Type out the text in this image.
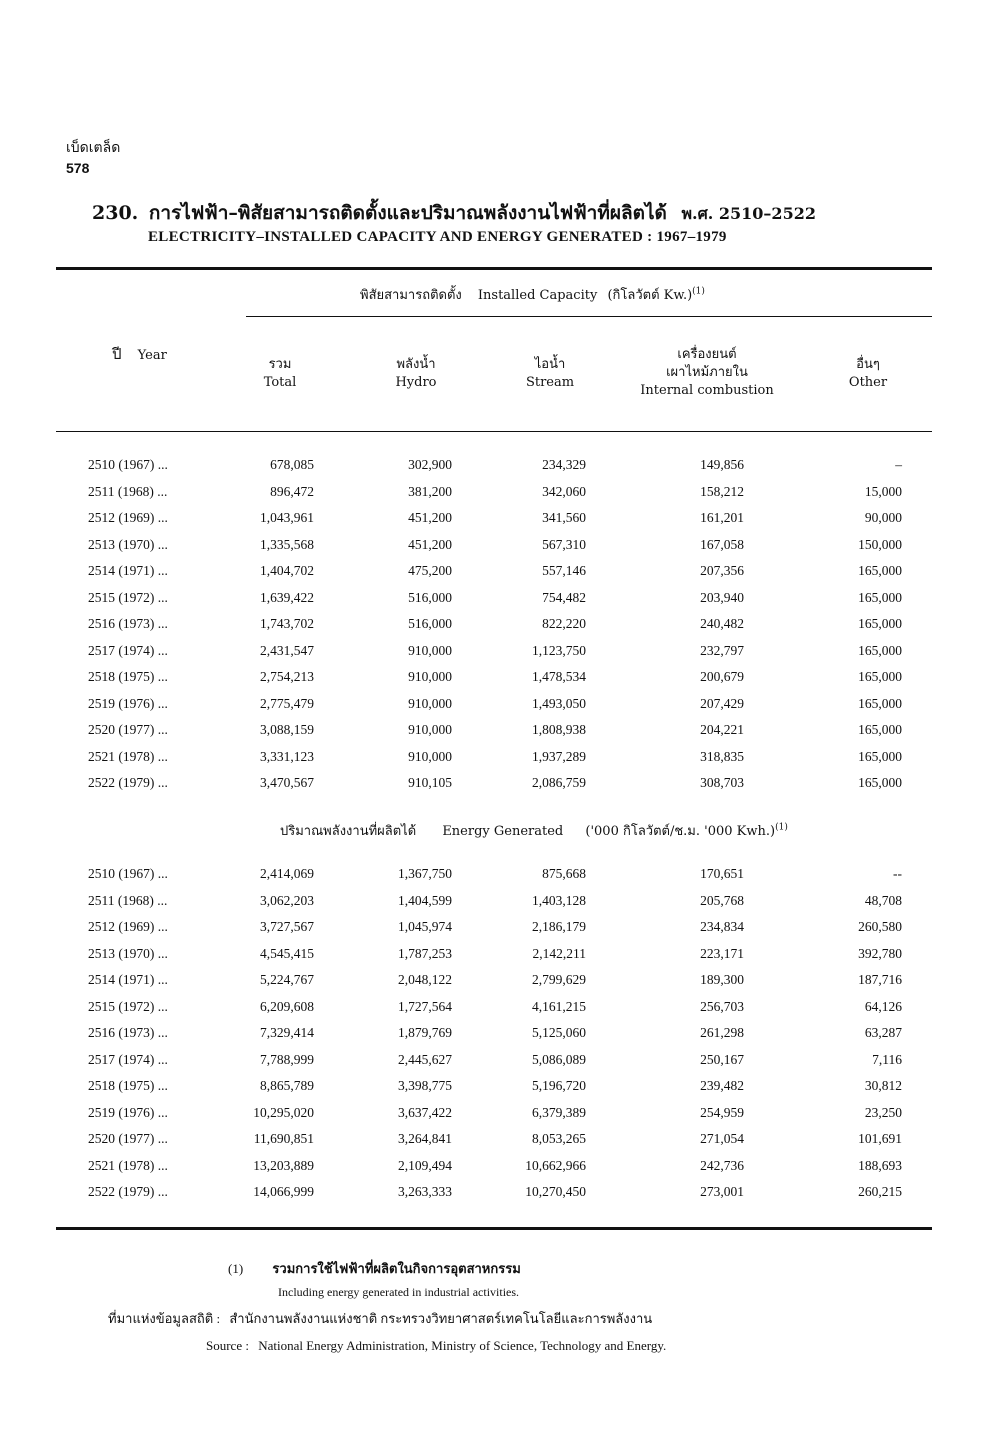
เบ็ดเตล็ด
578
230. การไฟฟ้า–พิสัยสามารถติดตั้งและปริมาณพลังงานไฟฟ้าที่ผลิตได้ พ.ศ. 2510–2522
ELECTRICITY–INSTALLED CAPACITY AND ENERGY GENERATED : 1967–1979
พิสัยสามารถติดตั้ง Installed Capacity (กิโลวัตต์ Kw.)$^{(1)}$
ปี Year
รวม
Total
พลังน้ำ
Hydro
ไอน้ำ
Stream
เครื่องยนต์
เผาไหม้ภายใน
Internal combustion
อื่นๆ
Other
2510 (1967) ...	678,085	302,900	234,329	149,856	–
2511 (1968) ...	896,472	381,200	342,060	158,212	15,000
2512 (1969) ...	1,043,961	451,200	341,560	161,201	90,000
2513 (1970) ...	1,335,568	451,200	567,310	167,058	150,000
2514 (1971) ...	1,404,702	475,200	557,146	207,356	165,000
2515 (1972) ...	1,639,422	516,000	754,482	203,940	165,000
2516 (1973) ...	1,743,702	516,000	822,220	240,482	165,000
2517 (1974) ...	2,431,547	910,000	1,123,750	232,797	165,000
2518 (1975) ...	2,754,213	910,000	1,478,534	200,679	165,000
2519 (1976) ...	2,775,479	910,000	1,493,050	207,429	165,000
2520 (1977) ...	3,088,159	910,000	1,808,938	204,221	165,000
2521 (1978) ...	3,331,123	910,000	1,937,289	318,835	165,000
2522 (1979) ...	3,470,567	910,105	2,086,759	308,703	165,000
ปริมาณพลังงานที่ผลิตได้ Energy Generated ('000 กิโลวัตต์/ช.ม. '000 Kwh.)$^{(1)}$
2510 (1967) ...	2,414,069	1,367,750	875,668	170,651	--
2511 (1968) ...	3,062,203	1,404,599	1,403,128	205,768	48,708
2512 (1969) ...	3,727,567	1,045,974	2,186,179	234,834	260,580
2513 (1970) ...	4,545,415	1,787,253	2,142,211	223,171	392,780
2514 (1971) ...	5,224,767	2,048,122	2,799,629	189,300	187,716
2515 (1972) ...	6,209,608	1,727,564	4,161,215	256,703	64,126
2516 (1973) ...	7,329,414	1,879,769	5,125,060	261,298	63,287
2517 (1974) ...	7,788,999	2,445,627	5,086,089	250,167	7,116
2518 (1975) ...	8,865,789	3,398,775	5,196,720	239,482	30,812
2519 (1976) ...	10,295,020	3,637,422	6,379,389	254,959	23,250
2520 (1977) ...	11,690,851	3,264,841	8,053,265	271,054	101,691
2521 (1978) ...	13,203,889	2,109,494	10,662,966	242,736	188,693
2522 (1979) ...	14,066,999	3,263,333	10,270,450	273,001	260,215
(1) รวมการใช้ไฟฟ้าที่ผลิตในกิจการอุตสาหกรรม
Including energy generated in industrial activities.
ที่มาแห่งข้อมูลสถิติ : สำนักงานพลังงานแห่งชาติ กระทรวงวิทยาศาสตร์เทคโนโลยีและการพลังงาน
Source : National Energy Administration, Ministry of Science, Technology and Energy.
